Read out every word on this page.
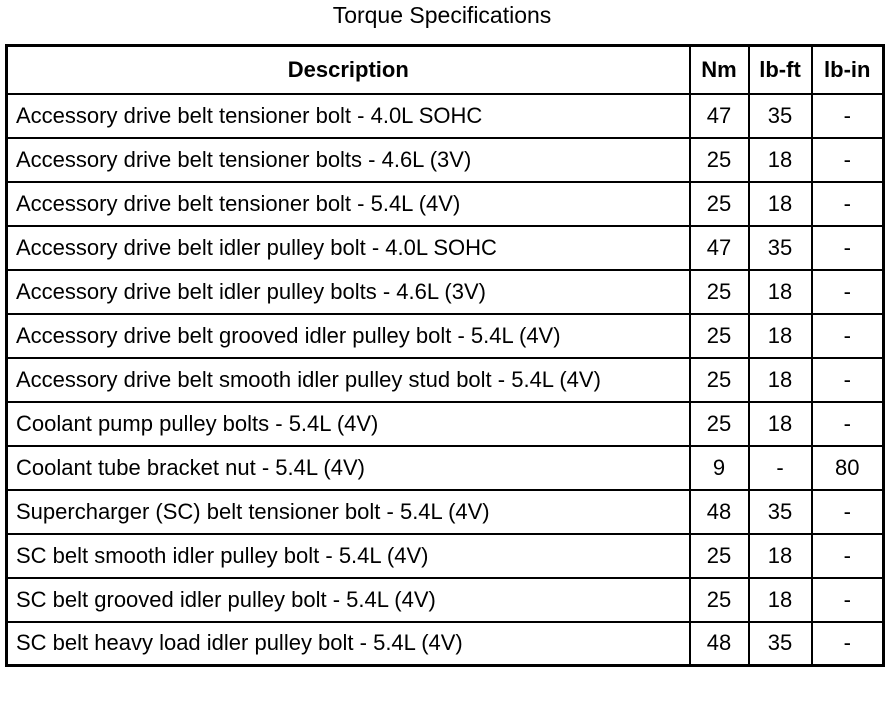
Torque Specifications
Description	Nm	lb-ft	lb-in
Accessory drive belt tensioner bolt - 4.0L SOHC	47	35	-
Accessory drive belt tensioner bolts - 4.6L (3V)	25	18	-
Accessory drive belt tensioner bolt - 5.4L (4V)	25	18	-
Accessory drive belt idler pulley bolt - 4.0L SOHC	47	35	-
Accessory drive belt idler pulley bolts - 4.6L (3V)	25	18	-
Accessory drive belt grooved idler pulley bolt - 5.4L (4V)	25	18	-
Accessory drive belt smooth idler pulley stud bolt - 5.4L (4V)	25	18	-
Coolant pump pulley bolts - 5.4L (4V)	25	18	-
Coolant tube bracket nut - 5.4L (4V)	9	-	80
Supercharger (SC) belt tensioner bolt - 5.4L (4V)	48	35	-
SC belt smooth idler pulley bolt - 5.4L (4V)	25	18	-
SC belt grooved idler pulley bolt - 5.4L (4V)	25	18	-
SC belt heavy load idler pulley bolt - 5.4L (4V)	48	35	-
